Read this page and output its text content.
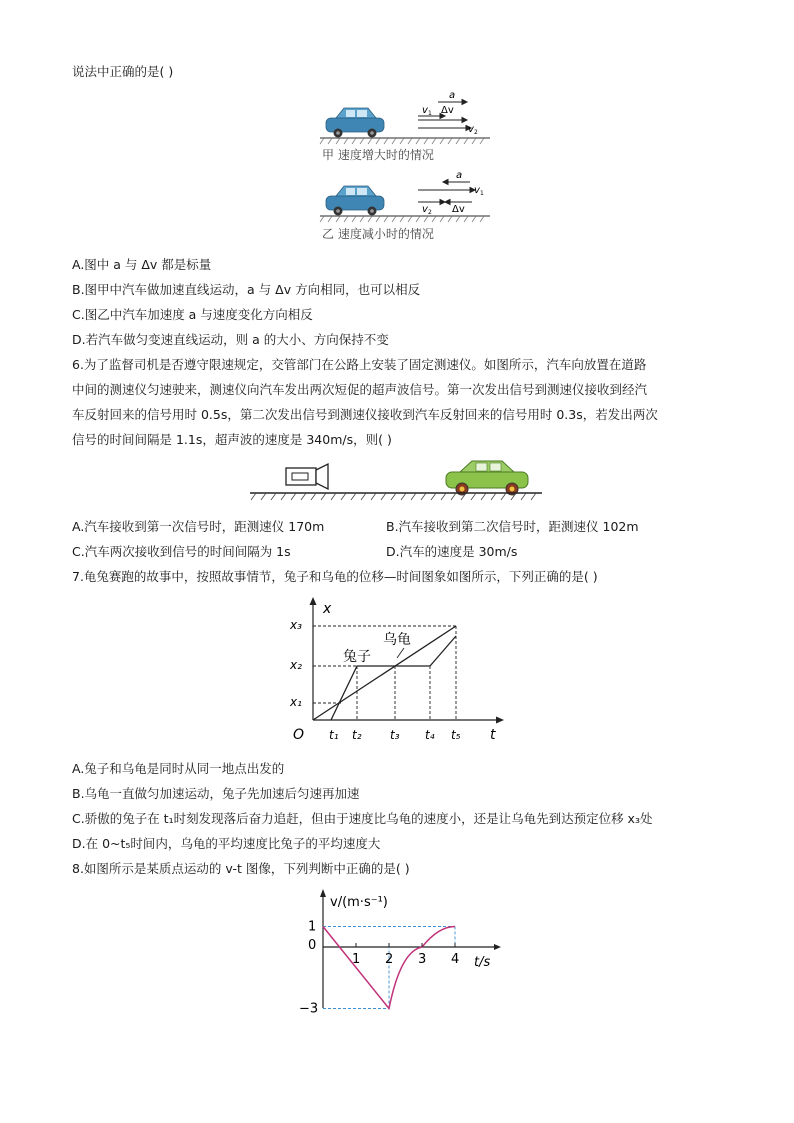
说法中正确的是( )
a
Δv
v 1
v 2
甲 速度增大时的情况
a
v 1
v 2 Δv
乙 速度减小时的情况
A.图中 a 与 Δv 都是标量
B.图甲中汽车做加速直线运动，a 与 Δv 方向相同，也可以相反
C.图乙中汽车加速度 a 与速度变化方向相反
D.若汽车做匀变速直线运动，则 a 的大小、方向保持不变
6.为了监督司机是否遵守限速规定，交管部门在公路上安装了固定测速仪。如图所示，汽车向放置在道路
中间的测速仪匀速驶来，测速仪向汽车发出两次短促的超声波信号。第一次发出信号到测速仪接收到经汽
车反射回来的信号用时 0.5s，第二次发出信号到测速仪接收到汽车反射回来的信号用时 0.3s，若发出两次
信号的时间间隔是 1.1s，超声波的速度是 340m/s，则( )
A.汽车接收到第一次信号时，距测速仪 170m	B.汽车接收到第二次信号时，距测速仪 102m
C.汽车两次接收到信号的时间间隔为 1s	D.汽车的速度是 30m/s
7.龟兔赛跑的故事中，按照故事情节，兔子和乌龟的位移—时间图象如图所示，下列正确的是( )
x
t
O
x₃
x₂
x₁
t₁ t₂ t₃ t₄ t₅
兔子
乌龟
A.兔子和乌龟是同时从同一地点出发的
B.乌龟一直做匀加速运动，兔子先加速后匀速再加速
C.骄傲的兔子在 t₁时刻发现落后奋力追赶，但由于速度比乌龟的速度小，还是让乌龟先到达预定位移 x₃处
D.在 0~t₅时间内，乌龟的平均速度比兔子的平均速度大
8.如图所示是某质点运动的 v-t 图像，下列判断中正确的是( )
v/(m·s⁻¹)
t/s
1 2 3 4
1
0
−3
